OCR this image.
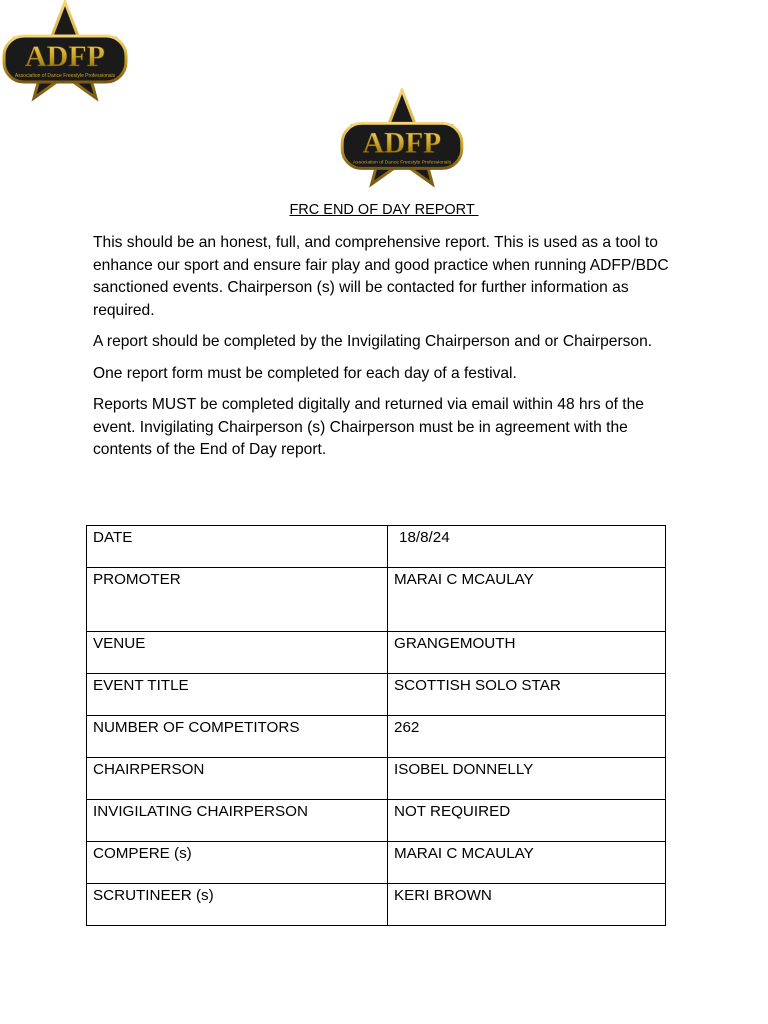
ADFP
Association of Dance Freestyle Professionals
ADFP
Association of Dance Freestyle Professionals
FRC END OF DAY REPORT

This should be an honest, full, and comprehensive report. This is used as a tool to enhance our sport and ensure fair play and good practice when running ADFP/BDC sanctioned events. Chairperson (s) will be contacted for further information as required.

A report should be completed by the Invigilating Chairperson and or Chairperson.

One report form must be completed for each day of a festival.

Reports MUST be completed digitally and returned via email within 48 hrs of the event. Invigilating Chairperson (s) Chairperson must be in agreement with the contents of the End of Day report.

DATE	18/8/24
PROMOTER	MARAI C MCAULAY
VENUE	GRANGEMOUTH
EVENT TITLE	SCOTTISH SOLO STAR
NUMBER OF COMPETITORS	262
CHAIRPERSON	ISOBEL DONNELLY
INVIGILATING CHAIRPERSON	NOT REQUIRED
COMPERE (s)	MARAI C MCAULAY
SCRUTINEER (s)	KERI BROWN
